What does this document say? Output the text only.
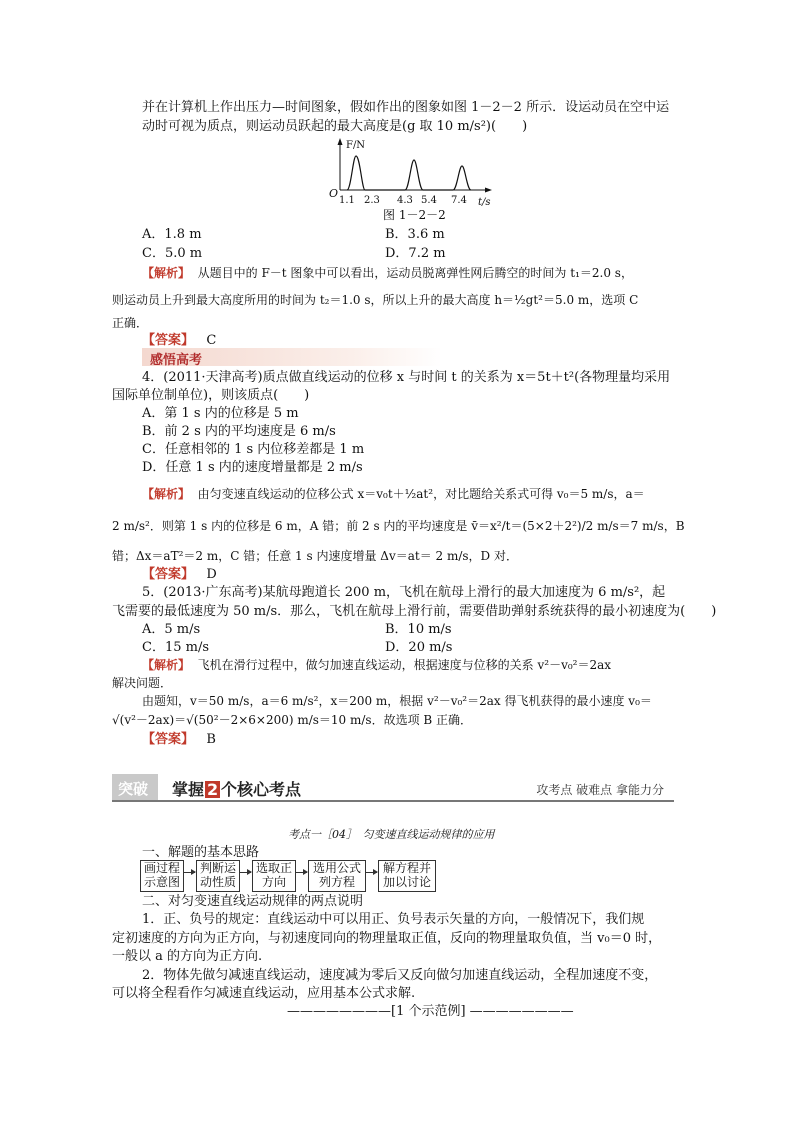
并在计算机上作出压力—时间图象，假如作出的图象如图 1－2－2 所示．设运动员在空中运
动时可视为质点，则运动员跃起的最大高度是(g 取 10 m/s²)(　　)
F/N
t/s
O
1.1 2.3 4.3 5.4 7.4
图 1－2－2
A．1.8 m	B．3.6 m
C．5.0 m	D．7.2 m
【解析】 从题目中的 F－t 图象中可以看出，运动员脱离弹性网后腾空的时间为 t₁＝2.0 s，
则运动员上升到最大高度所用的时间为 t₂＝1.0 s，所以上升的最大高度 h＝½gt²＝5.0 m，选项 C
正确．
【答案】 C
感悟高考
4．(2011·天津高考)质点做直线运动的位移 x 与时间 t 的关系为 x＝5t＋t²(各物理量均采用
国际单位制单位)，则该质点(　　)
A．第 1 s 内的位移是 5 m
B．前 2 s 内的平均速度是 6 m/s
C．任意相邻的 1 s 内位移差都是 1 m
D．任意 1 s 内的速度增量都是 2 m/s
【解析】 由匀变速直线运动的位移公式 x＝v₀t＋½at²，对比题给关系式可得 v₀＝5 m/s，a＝
2 m/s²．则第 1 s 内的位移是 6 m，A 错；前 2 s 内的平均速度是 v̄＝x²/t＝(5×2＋2²)/2 m/s＝7 m/s，B
错；Δx＝aT²＝2 m，C 错；任意 1 s 内速度增量 Δv＝at＝ 2 m/s，D 对．
【答案】 D
5．(2013·广东高考)某航母跑道长 200 m，飞机在航母上滑行的最大加速度为 6 m/s²，起
飞需要的最低速度为 50 m/s．那么，飞机在航母上滑行前，需要借助弹射系统获得的最小初速度为(　　)
A．5 m/s	B．10 m/s
C．15 m/s	D．20 m/s
【解析】 飞机在滑行过程中，做匀加速直线运动，根据速度与位移的关系 v²－v₀²＝2ax
解决问题．
由题知，v＝50 m/s，a＝6 m/s²，x＝200 m，根据 v²－v₀²＝2ax 得飞机获得的最小速度 v₀＝
√(v²－2ax)＝√(50²－2×6×200) m/s＝10 m/s．故选项 B 正确．
【答案】 B
突破 掌握 2 个核心考点	攻考点 破难点 拿能力分
考点一［04］　匀变速直线运动规律的应用
一、解题的基本思路
画过程示意图
判断运动性质
选取正方向
选用公式列方程
解方程并加以讨论
二、对匀变速直线运动规律的两点说明
1．正、负号的规定：直线运动中可以用正、负号表示矢量的方向，一般情况下，我们规
定初速度的方向为正方向，与初速度同向的物理量取正值，反向的物理量取负值，当 v₀＝0 时，
一般以 a 的方向为正方向.
2．物体先做匀减速直线运动，速度减为零后又反向做匀加速直线运动，全程加速度不变，
可以将全程看作匀减速直线运动，应用基本公式求解.
————————[1 个示范例] ————————
